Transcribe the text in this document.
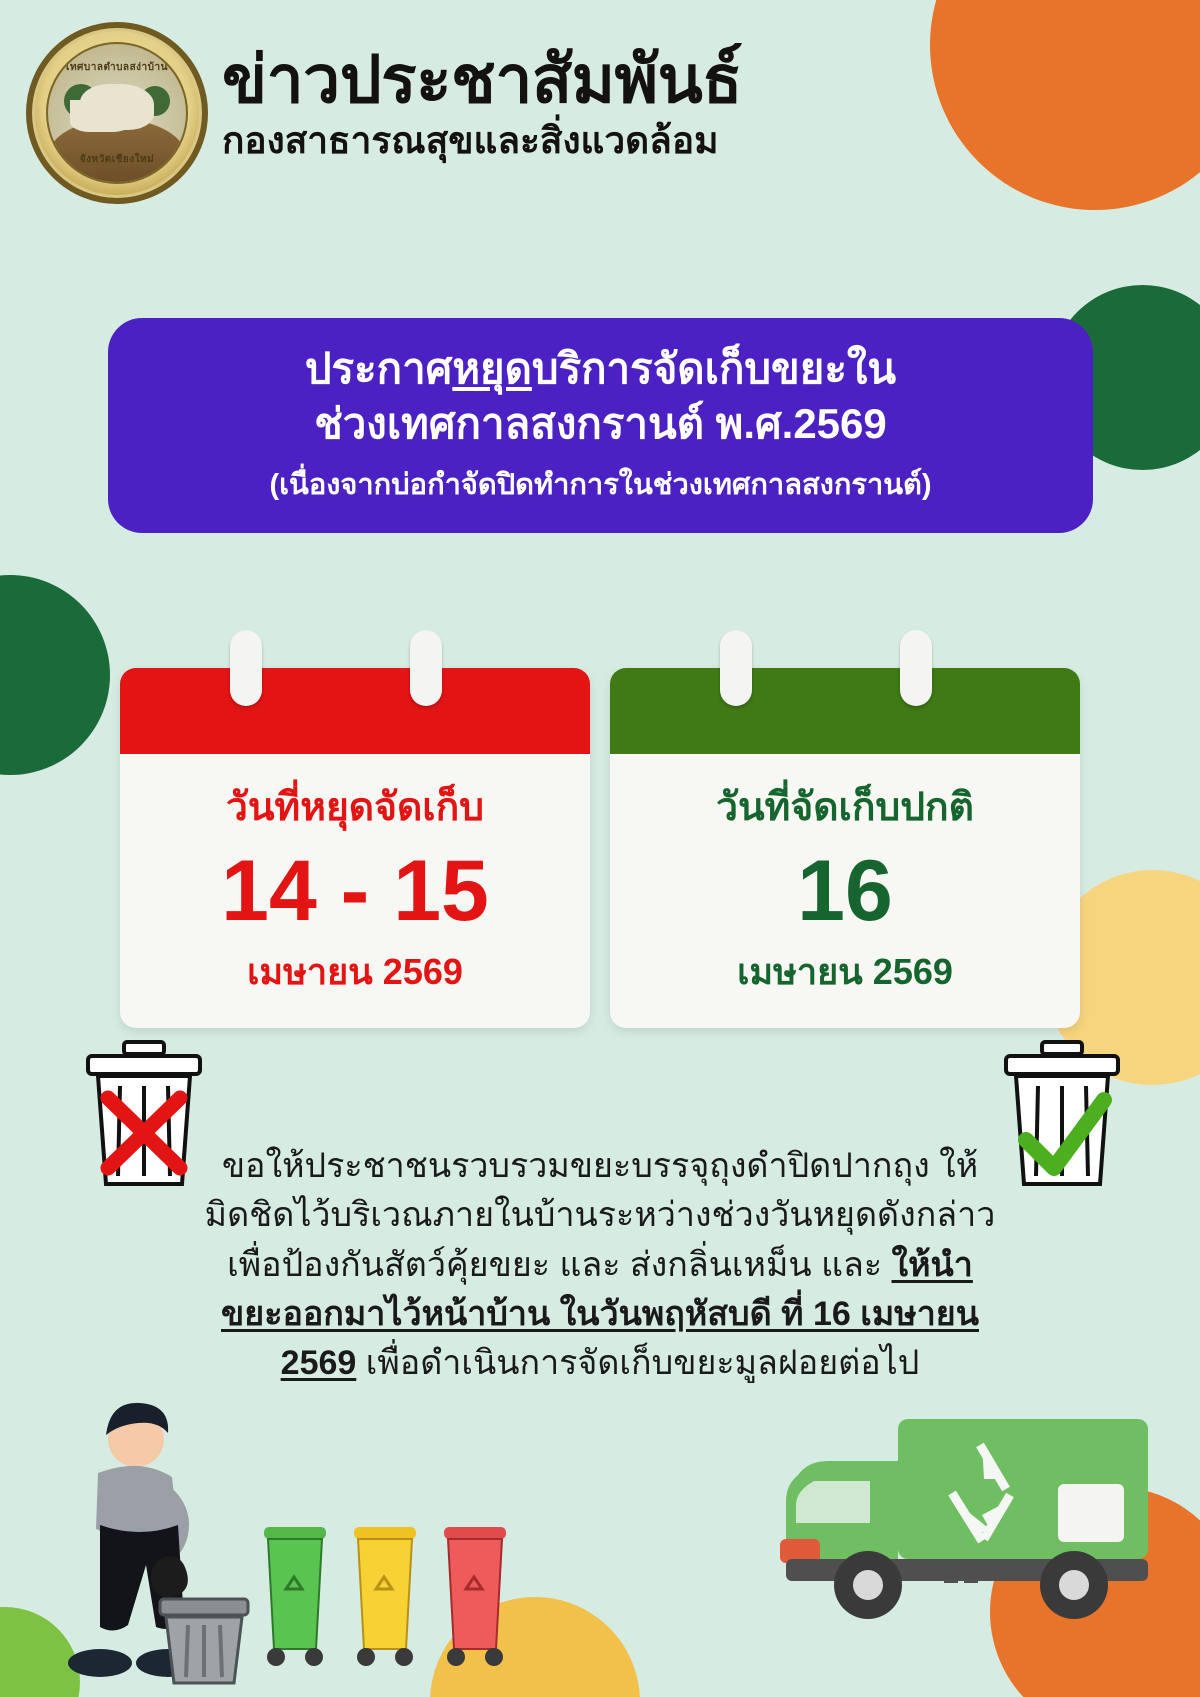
เทศบาลตำบลสง่าบ้าน
จังหวัดเชียงใหม่
ข่าวประชาสัมพันธ์
กองสาธารณสุขและสิ่งแวดล้อม
ประกาศหยุดบริการจัดเก็บขยะใน
ช่วงเทศกาลสงกรานต์ พ.ศ.2569
(เนื่องจากบ่อกำจัดปิดทำการในช่วงเทศกาลสงกรานต์)
วันที่หยุดจัดเก็บ
14 - 15
เมษายน 2569
วันที่จัดเก็บปกติ
16
เมษายน 2569
ขอให้ประชาชนรวบรวมขยะบรรจุถุงดำปิดปากถุง ให้มิดชิดไว้บริเวณภายในบ้านระหว่างช่วงวันหยุดดังกล่าว เพื่อป้องกันสัตว์คุ้ยขยะ และ ส่งกลิ่นเหม็น และ ให้นำขยะออกมาไว้หน้าบ้าน ในวันพฤหัสบดี ที่ 16 เมษายน 2569 เพื่อดำเนินการจัดเก็บขยะมูลฝอยต่อไป
